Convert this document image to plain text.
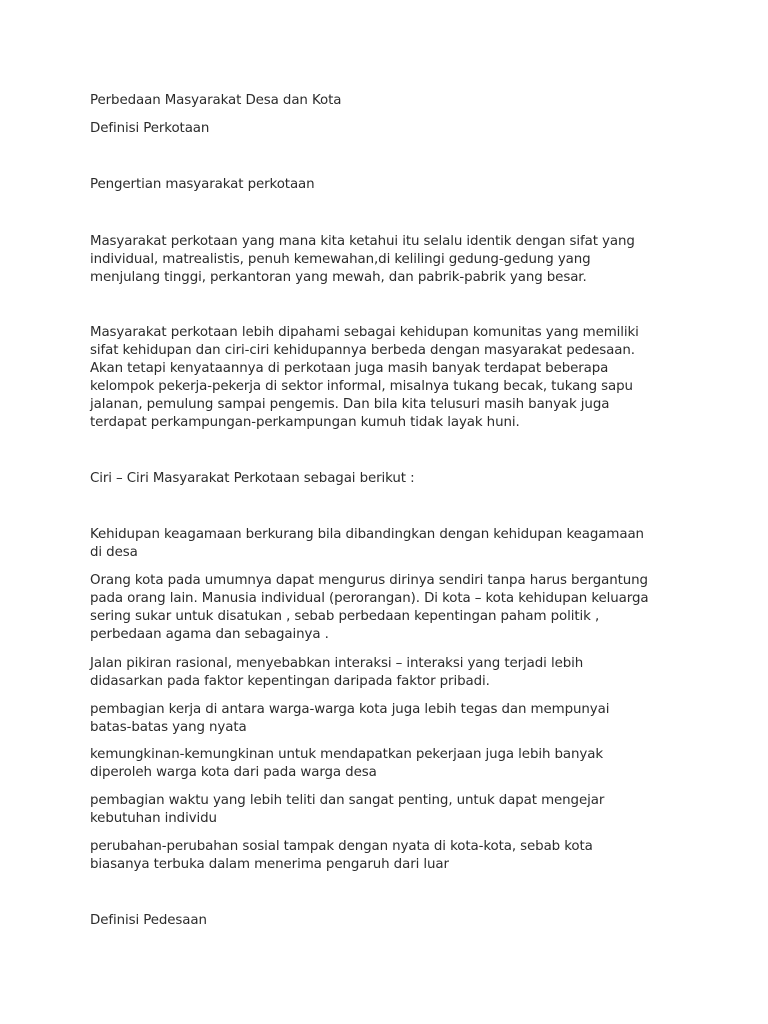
Perbedaan Masyarakat Desa dan Kota

Definisi Perkotaan

Pengertian masyarakat perkotaan

Masyarakat perkotaan yang mana kita ketahui itu selalu identik dengan sifat yang

individual, matrealistis, penuh kemewahan,di kelilingi gedung-gedung yang

menjulang tinggi, perkantoran yang mewah, dan pabrik-pabrik yang besar.

Masyarakat perkotaan lebih dipahami sebagai kehidupan komunitas yang memiliki

sifat kehidupan dan ciri-ciri kehidupannya berbeda dengan masyarakat pedesaan.

Akan tetapi kenyataannya di perkotaan juga masih banyak terdapat beberapa

kelompok pekerja-pekerja di sektor informal, misalnya tukang becak, tukang sapu

jalanan, pemulung sampai pengemis. Dan bila kita telusuri masih banyak juga

terdapat perkampungan-perkampungan kumuh tidak layak huni.

Ciri – Ciri Masyarakat Perkotaan sebagai berikut :

Kehidupan keagamaan berkurang bila dibandingkan dengan kehidupan keagamaan

di desa

Orang kota pada umumnya dapat mengurus dirinya sendiri tanpa harus bergantung

pada orang lain. Manusia individual (perorangan). Di kota – kota kehidupan keluarga

sering sukar untuk disatukan , sebab perbedaan kepentingan paham politik ,

perbedaan agama dan sebagainya .

Jalan pikiran rasional, menyebabkan interaksi – interaksi yang terjadi lebih

didasarkan pada faktor kepentingan daripada faktor pribadi.

pembagian kerja di antara warga-warga kota juga lebih tegas dan mempunyai

batas-batas yang nyata

kemungkinan-kemungkinan untuk mendapatkan pekerjaan juga lebih banyak

diperoleh warga kota dari pada warga desa

pembagian waktu yang lebih teliti dan sangat penting, untuk dapat mengejar

kebutuhan individu

perubahan-perubahan sosial tampak dengan nyata di kota-kota, sebab kota

biasanya terbuka dalam menerima pengaruh dari luar

Definisi Pedesaan
